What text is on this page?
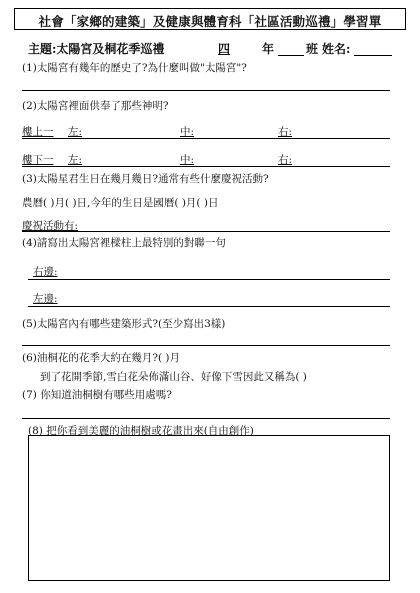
社會「家鄉的建築」及健康與體育科「社區活動巡禮」學習單
主題:太陽宮及桐花季巡禮	四	年	班 姓名:
(1)太陽宮有幾年的歷史了?為什麼叫做"太陽宮"?
(2)太陽宮裡面供奉了那些神明?
樓上一 左:	中:	右:
樓下一 左:	中:	右:
(3)太陽星君生日在幾月幾日?通常有些什麼慶祝活動?
農曆( )月( )日,今年的生日是國曆( )月( )日
慶祝活動有:
(4)請寫出太陽宮裡樑柱上最特別的對聯一句
右邊:
左邊:
(5)太陽宮內有哪些建築形式?(至少寫出3樣)
(6)油桐花的花季大約在幾月?( )月
到了花開季節,雪白花朵佈滿山谷、好像下雪因此又稱為( )
(7) 你知道油桐樹有哪些用處嗎?
(8) 把你看到美麗的油桐樹或花畫出來(自由創作)
